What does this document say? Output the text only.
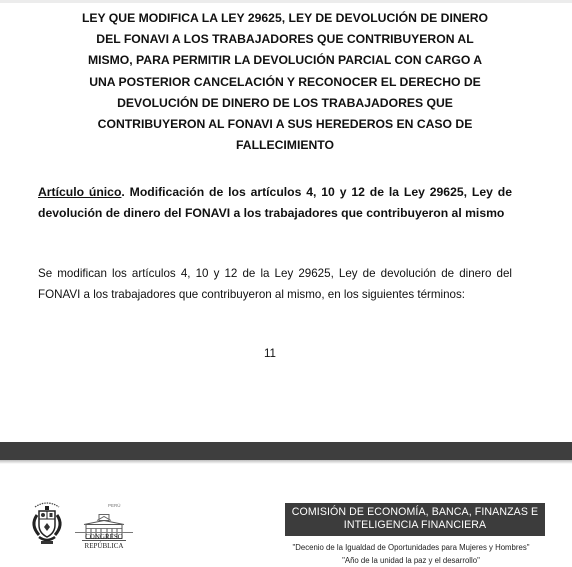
LEY QUE MODIFICA LA LEY 29625, LEY DE DEVOLUCIÓN DE DINERO
DEL FONAVI A LOS TRABAJADORES QUE CONTRIBUYERON AL
MISMO, PARA PERMITIR LA DEVOLUCIÓN PARCIAL CON CARGO A
UNA POSTERIOR CANCELACIÓN Y RECONOCER EL DERECHO DE
DEVOLUCIÓN DE DINERO DE LOS TRABAJADORES QUE
CONTRIBUYERON AL FONAVI A SUS HEREDEROS EN CASO DE
FALLECIMIENTO

Artículo único. Modificación de los artículos 4, 10 y 12 de la Ley 29625, Ley de devolución de dinero del FONAVI a los trabajadores que contribuyeron al mismo

Se modifican los artículos 4, 10 y 12 de la Ley 29625, Ley de devolución de dinero del FONAVI a los trabajadores que contribuyeron al mismo, en los siguientes términos:

11
PERÚ
CONGRESO
REPÚBLICA
COMISIÓN DE ECONOMÍA, BANCA, FINANZAS E
INTELIGENCIA FINANCIERA
"Decenio de la Igualdad de Oportunidades para Mujeres y Hombres"
"Año de la unidad la paz y el desarrollo"
